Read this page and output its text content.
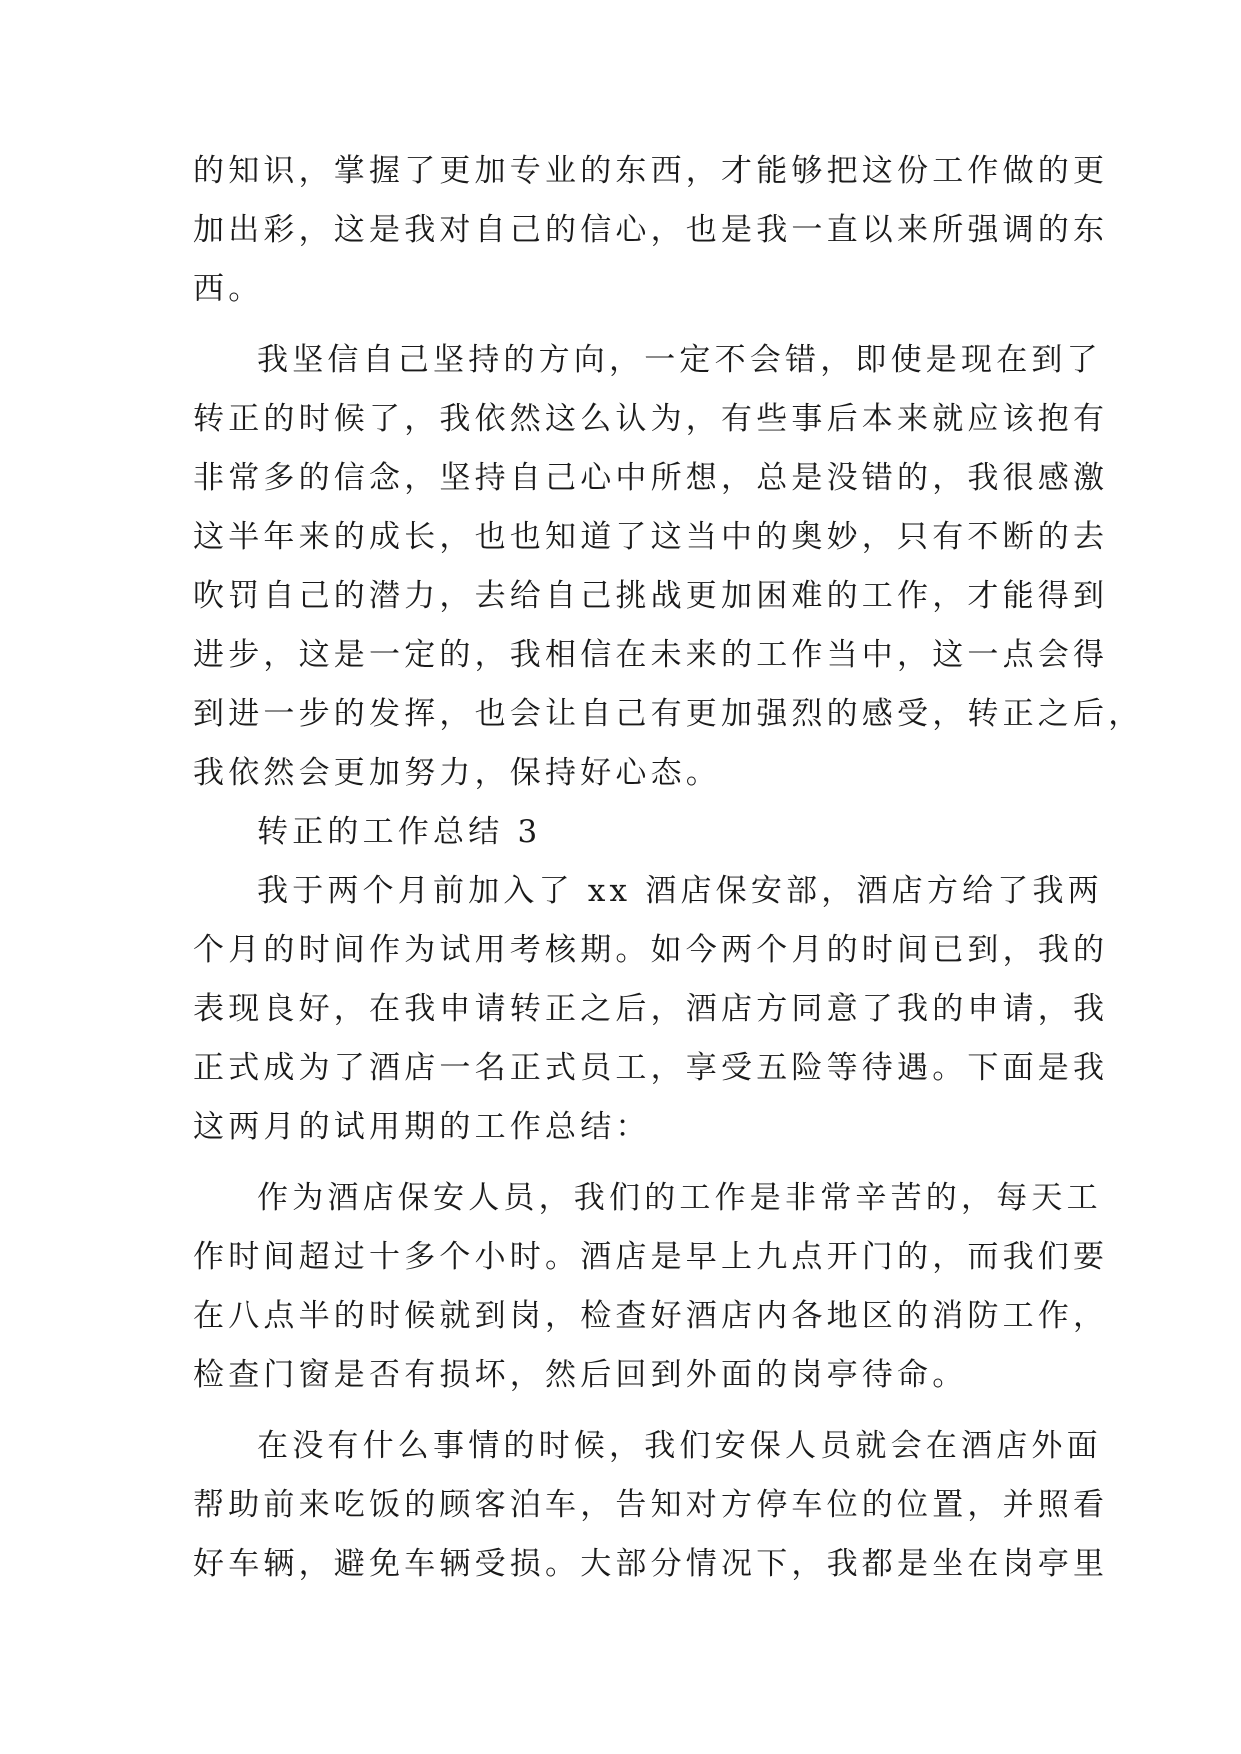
的知识，掌握了更加专业的东西，才能够把这份工作做的更
加出彩，这是我对自己的信心，也是我一直以来所强调的东
西。
我坚信自己坚持的方向，一定不会错，即使是现在到了
转正的时候了，我依然这么认为，有些事后本来就应该抱有
非常多的信念，坚持自己心中所想，总是没错的，我很感激
这半年来的成长，也也知道了这当中的奥妙，只有不断的去
吹罚自己的潜力，去给自己挑战更加困难的工作，才能得到
进步，这是一定的，我相信在未来的工作当中，这一点会得
到进一步的发挥，也会让自己有更加强烈的感受，转正之后，
我依然会更加努力，保持好心态。
转正的工作总结 3
我于两个月前加入了 xx 酒店保安部，酒店方给了我两
个月的时间作为试用考核期。如今两个月的时间已到，我的
表现良好，在我申请转正之后，酒店方同意了我的申请，我
正式成为了酒店一名正式员工，享受五险等待遇。下面是我
这两月的试用期的工作总结：
作为酒店保安人员，我们的工作是非常辛苦的，每天工
作时间超过十多个小时。酒店是早上九点开门的，而我们要
在八点半的时候就到岗，检查好酒店内各地区的消防工作，
检查门窗是否有损坏，然后回到外面的岗亭待命。
在没有什么事情的时候，我们安保人员就会在酒店外面
帮助前来吃饭的顾客泊车，告知对方停车位的位置，并照看
好车辆，避免车辆受损。大部分情况下，我都是坐在岗亭里
